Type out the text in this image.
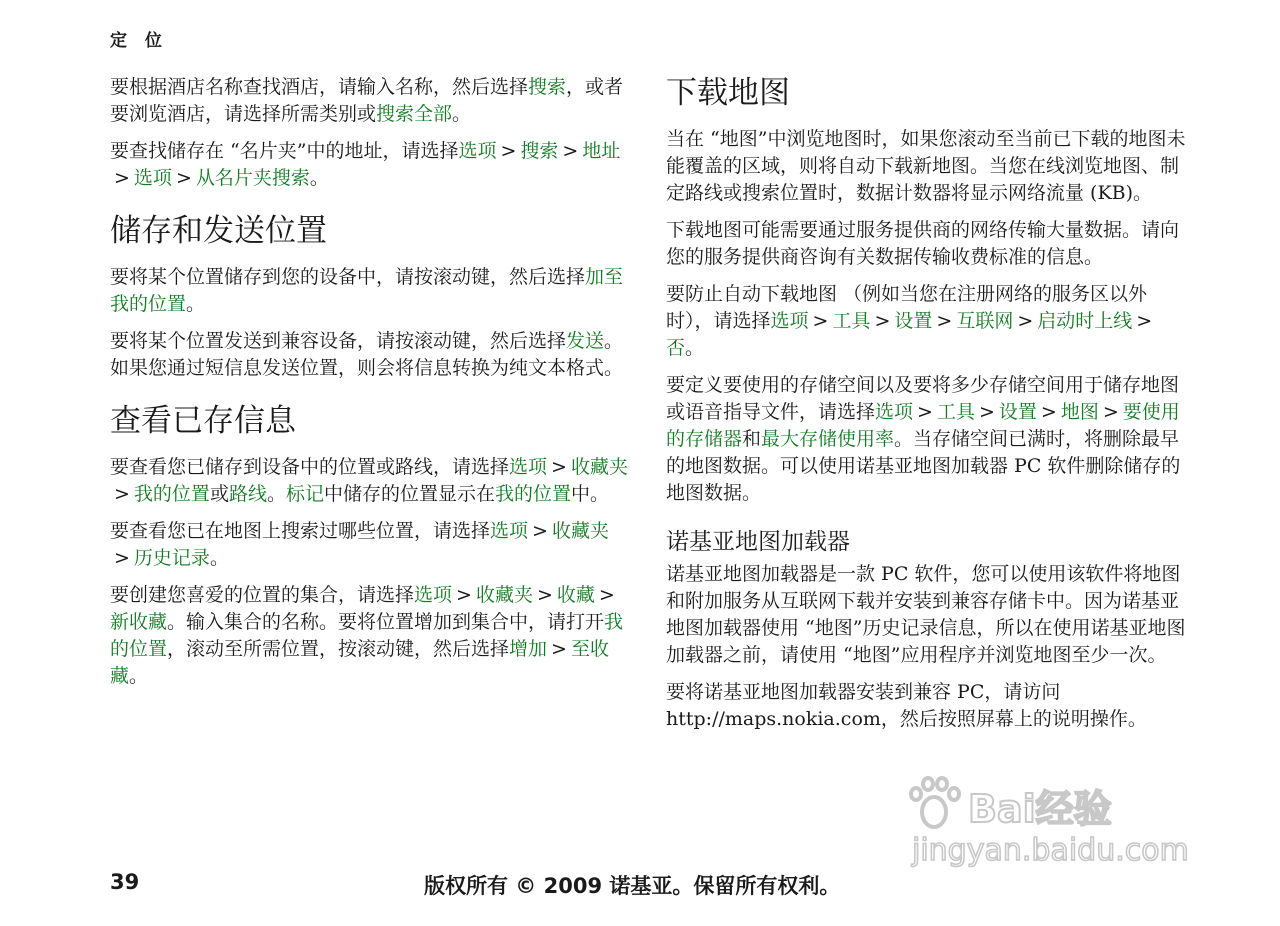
定 位

要根据酒店名称查找酒店，请输入名称，然后选择搜索，或者要浏览酒店，请选择所需类别或搜索全部。

要查找储存在 “名片夹”中的地址，请选择选项 > 搜索 > 地址> 选项 > 从名片夹搜索。

储存和发送位置

要将某个位置储存到您的设备中，请按滚动键，然后选择加至我的位置。

要将某个位置发送到兼容设备，请按滚动键，然后选择发送。如果您通过短信息发送位置，则会将信息转换为纯文本格式。

查看已存信息

要查看您已储存到设备中的位置或路线，请选择选项 > 收藏夹> 我的位置或路线。标记中储存的位置显示在我的位置中。

要查看您已在地图上搜索过哪些位置，请选择选项 > 收藏夹> 历史记录。

要创建您喜爱的位置的集合，请选择选项 > 收藏夹 > 收藏 >新收藏。输入集合的名称。要将位置增加到集合中，请打开我的位置，滚动至所需位置，按滚动键，然后选择增加 > 至收藏。

下载地图

当在 “地图”中浏览地图时，如果您滚动至当前已下载的地图未能覆盖的区域，则将自动下载新地图。当您在线浏览地图、制定路线或搜索位置时，数据计数器将显示网络流量 (KB)。

下载地图可能需要通过服务提供商的网络传输大量数据。请向您的服务提供商咨询有关数据传输收费标准的信息。

要防止自动下载地图 （例如当您在注册网络的服务区以外时），请选择选项 > 工具 > 设置 > 互联网 > 启动时上线 >否。

要定义要使用的存储空间以及要将多少存储空间用于储存地图或语音指导文件，请选择选项 > 工具 > 设置 > 地图 > 要使用的存储器和最大存储使用率。当存储空间已满时，将删除最早的地图数据。可以使用诺基亚地图加载器 PC 软件删除储存的地图数据。

诺基亚地图加载器

诺基亚地图加载器是一款 PC 软件，您可以使用该软件将地图和附加服务从互联网下载并安装到兼容存储卡中。因为诺基亚地图加载器使用 “地图”历史记录信息，所以在使用诺基亚地图加载器之前，请使用 “地图”应用程序并浏览地图至少一次。

要将诺基亚地图加载器安装到兼容 PC，请访问 http://maps.nokia.com，然后按照屏幕上的说明操作。

39	版权所有 © 2009 诺基亚。保留所有权利。
Bai经验
jingyan.baidu.com
